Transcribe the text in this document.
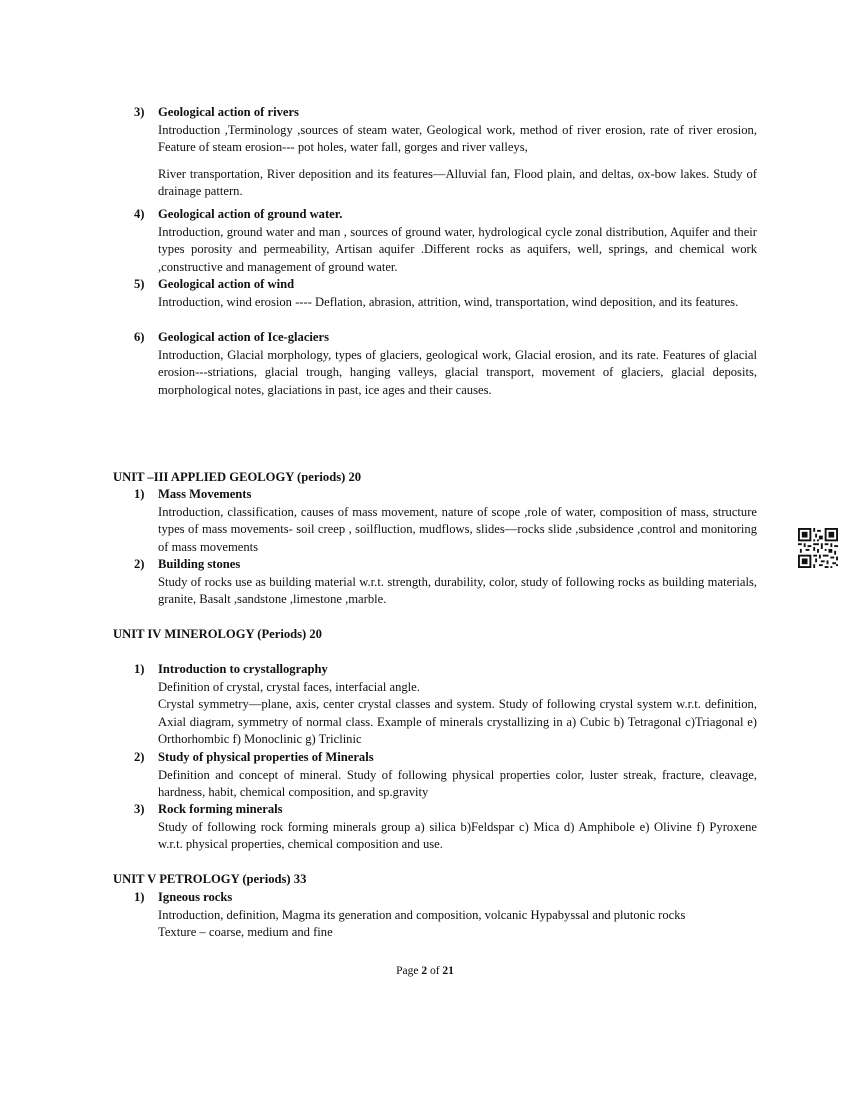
3)	Geological action of rivers

Introduction ,Terminology ,sources of steam water, Geological work, method of river erosion, rate of river erosion, Feature of steam erosion--- pot holes, water fall, gorges and river valleys,

River transportation, River deposition and its features—Alluvial fan, Flood plain, and deltas, ox-bow lakes. Study of drainage pattern.

4)	Geological action of ground water.

Introduction, ground water and man , sources of ground water, hydrological cycle zonal distribution, Aquifer and their types porosity and permeability, Artisan aquifer .Different rocks as aquifers, well, springs, and chemical work ,constructive and management of ground water.

5)	Geological action of wind

Introduction, wind erosion ---- Deflation, abrasion, attrition, wind, transportation, wind deposition, and its features.

6)	Geological action of Ice-glaciers

Introduction, Glacial morphology, types of glaciers, geological work, Glacial erosion, and its rate. Features of glacial erosion---striations, glacial trough, hanging valleys, glacial transport, movement of glaciers, glacial deposits, morphological notes, glaciations in past, ice ages and their causes.

UNIT –III APPLIED GEOLOGY (periods) 20
1)	Mass Movements

Introduction, classification, causes of mass movement, nature of scope ,role of water, composition of mass, structure types of mass movements- soil creep , soilfluction, mudflows, slides—rocks slide ,subsidence ,control and monitoring of mass movements

2)	Building stones

Study of rocks use as building material w.r.t. strength, durability, color, study of following rocks as building materials, granite, Basalt ,sandstone ,limestone ,marble.

UNIT IV MINEROLOGY (Periods) 20
1)	Introduction to crystallography

Definition of crystal, crystal faces, interfacial angle.

Crystal symmetry—plane, axis, center crystal classes and system. Study of following crystal system w.r.t. definition, Axial diagram, symmetry of normal class. Example of minerals crystallizing in a) Cubic b) Tetragonal c)Triagonal e) Orthorhombic f) Monoclinic g) Triclinic

2)	Study of physical properties of Minerals

Definition and concept of mineral. Study of following physical properties color, luster streak, fracture, cleavage, hardness, habit, chemical composition, and sp.gravity

3)	Rock forming minerals

Study of following rock forming minerals group a) silica b)Feldspar c) Mica d) Amphibole e) Olivine f) Pyroxene w.r.t. physical properties, chemical composition and use.

UNIT V PETROLOGY (periods) 33
1)	Igneous rocks

Introduction, definition, Magma its generation and composition, volcanic Hypabyssal and plutonic rocks

Texture – coarse, medium and fine

Page 2 of 21
